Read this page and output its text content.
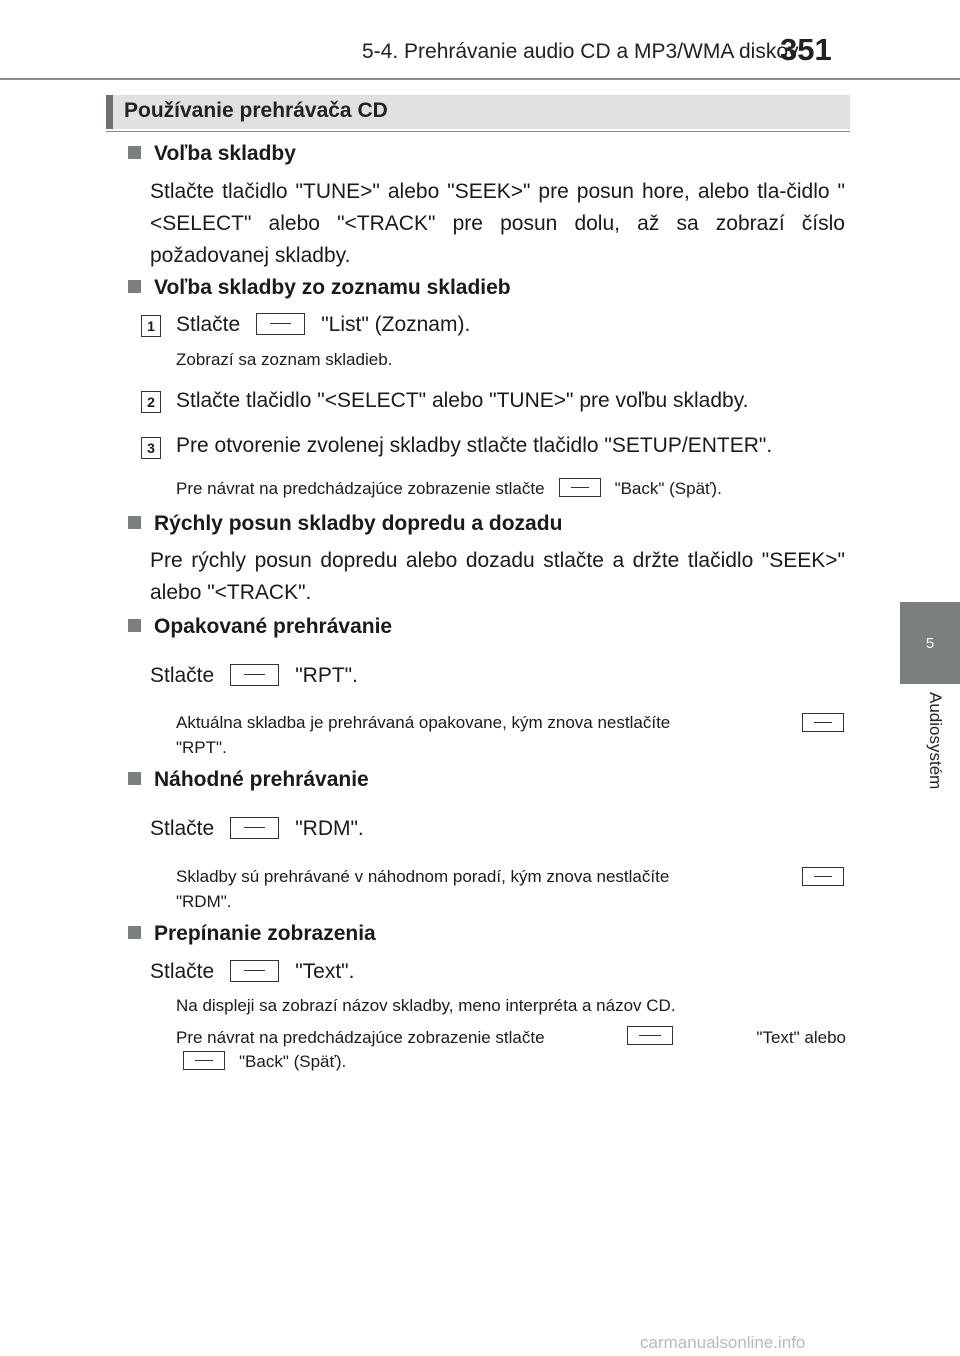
5-4. Prehrávanie audio CD a MP3/WMA diskov
351
5
Audiosystém
Používanie prehrávača CD
Voľba skladby
Stlačte tlačidlo "TUNE>" alebo "SEEK>" pre posun hore, alebo tla-čidlo "<SELECT" alebo "<TRACK" pre posun dolu, až sa zobrazí číslo požadovanej skladby.
Voľba skladby zo zoznamu skladieb
1 Stlačte	"List" (Zoznam).
Zobrazí sa zoznam skladieb.
2 Stlačte tlačidlo "<SELECT" alebo "TUNE>" pre voľbu skladby.
3 Pre otvorenie zvolenej skladby stlačte tlačidlo "SETUP/ENTER".
Pre návrat na predchádzajúce zobrazenie stlačte	"Back" (Späť).
Rýchly posun skladby dopredu a dozadu
Pre rýchly posun dopredu alebo dozadu stlačte a držte tlačidlo "SEEK>" alebo "<TRACK".
Opakované prehrávanie
Stlačte	"RPT".
Aktuálna skladba je prehrávaná opakovane, kým znova nestlačíte
"RPT".
Náhodné prehrávanie
Stlačte	"RDM".
Skladby sú prehrávané v náhodnom poradí, kým znova nestlačíte
"RDM".
Prepínanie zobrazenia
Stlačte	"Text".
Na displeji sa zobrazí názov skladby, meno interpréta a názov CD.
Pre návrat na predchádzajúce zobrazenie stlačte	"Text" alebo
"Back" (Späť).
carmanualsonline.info
